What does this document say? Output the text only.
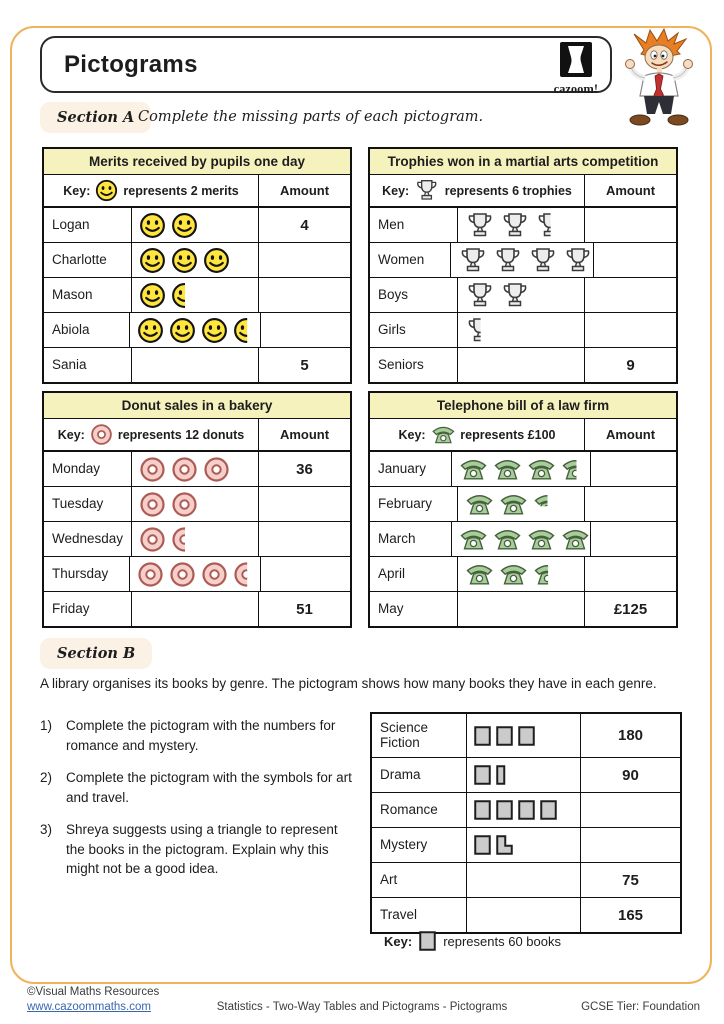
Pictograms
cazoom!
Section A Complete the missing parts of each pictogram.
Merits received by pupils one day
Key:	represents 2 merits	Amount
Logan	4
Charlotte
Mason
Abiola
Sania	5
Trophies won in a martial arts competition
Key:	represents 6 trophies	Amount
Men
Women
Boys
Girls
Seniors	9
Donut sales in a bakery
Key:	represents 12 donuts	Amount
Monday	36
Tuesday
Wednesday
Thursday
Friday	51
Telephone bill of a law firm
Key:	represents £100	Amount
January
February
March
April
May	£125
Section B
A library organises its books by genre. The pictogram shows how many books they have in each genre.
1)	Complete the pictogram with the numbers for romance and mystery.
2)	Complete the pictogram with the symbols for art and travel.
3)	Shreya suggests using a triangle to represent the books in the pictogram. Explain why this might not be a good idea.
Science Fiction	180
Drama	90
Romance
Mystery
Art	75
Travel	165
Key: represents 60 books
©Visual Maths Resources
www.cazoommaths.com	Statistics - Two-Way Tables and Pictograms - Pictograms	GCSE Tier: Foundation
